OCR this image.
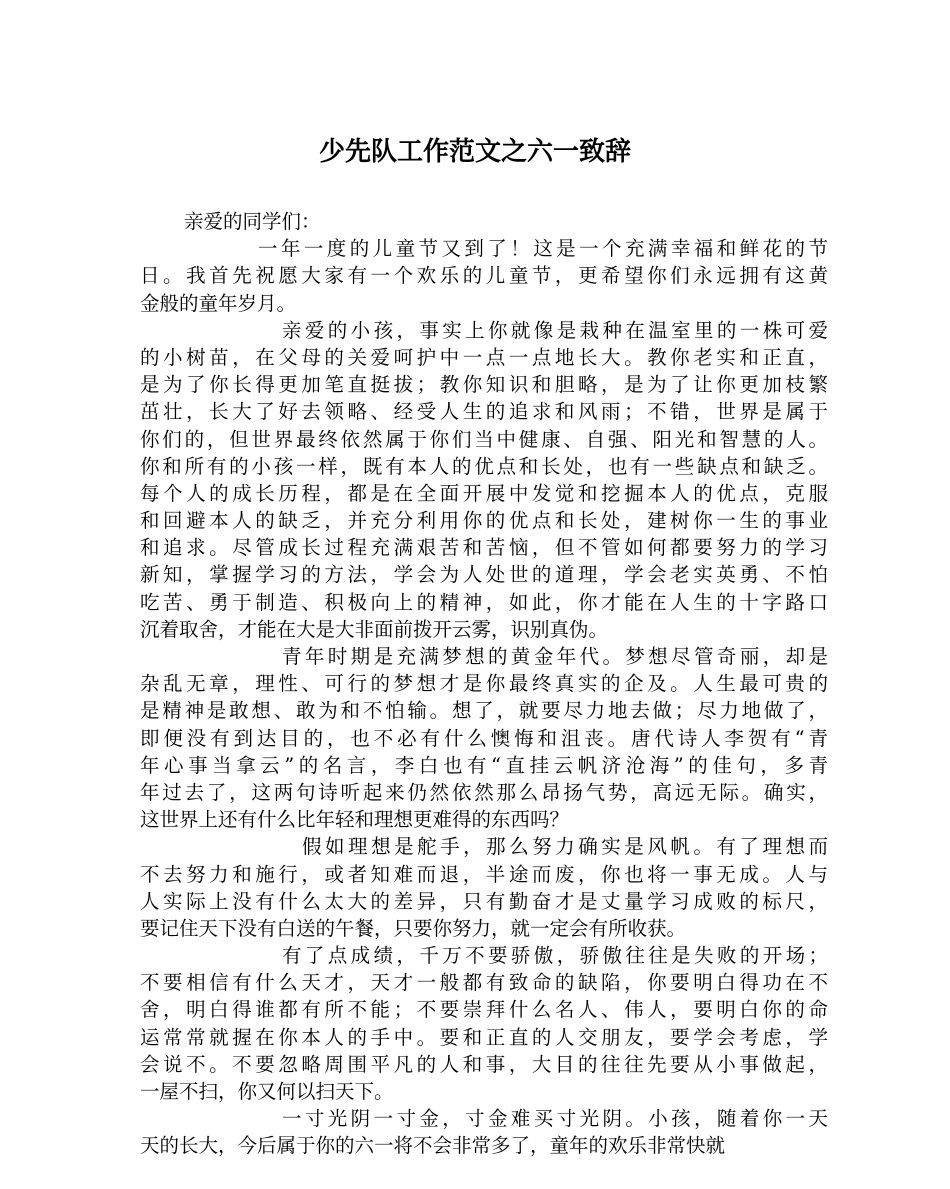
少先队工作范文之六一致辞
亲爱的同学们：
一年一度的儿童节又到了！这是一个充满幸福和鲜花的节
日。我首先祝愿大家有一个欢乐的儿童节，更希望你们永远拥有这黄
金般的童年岁月。
亲爱的小孩，事实上你就像是栽种在温室里的一株可爱
的小树苗，在父母的关爱呵护中一点一点地长大。教你老实和正直，
是为了你长得更加笔直挺拔；教你知识和胆略，是为了让你更加枝繁
茁壮，长大了好去领略、经受人生的追求和风雨；不错，世界是属于
你们的，但世界最终依然属于你们当中健康、自强、阳光和智慧的人。
你和所有的小孩一样，既有本人的优点和长处，也有一些缺点和缺乏。
每个人的成长历程，都是在全面开展中发觉和挖掘本人的优点，克服
和回避本人的缺乏，并充分利用你的优点和长处，建树你一生的事业
和追求。尽管成长过程充满艰苦和苦恼，但不管如何都要努力的学习
新知，掌握学习的方法，学会为人处世的道理，学会老实英勇、不怕
吃苦、勇于制造、积极向上的精神，如此，你才能在人生的十字路口
沉着取舍，才能在大是大非面前拨开云雾，识别真伪。
青年时期是充满梦想的黄金年代。梦想尽管奇丽，却是
杂乱无章，理性、可行的梦想才是你最终真实的企及。人生最可贵的
是精神是敢想、敢为和不怕输。想了，就要尽力地去做；尽力地做了，
即便没有到达目的，也不必有什么懊悔和沮丧。唐代诗人李贺有“青
年心事当拿云”的名言，李白也有“直挂云帆济沧海”的佳句，多青
年过去了，这两句诗听起来仍然依然那么昂扬气势，高远无际。确实，
这世界上还有什么比年轻和理想更难得的东西吗？
假如理想是舵手，那么努力确实是风帆。有了理想而
不去努力和施行，或者知难而退，半途而废，你也将一事无成。人与
人实际上没有什么太大的差异，只有勤奋才是丈量学习成败的标尺，
要记住天下没有白送的午餐，只要你努力，就一定会有所收获。
有了点成绩，千万不要骄傲，骄傲往往是失败的开场；
不要相信有什么天才，天才一般都有致命的缺陷，你要明白得功在不
舍，明白得谁都有所不能；不要崇拜什么名人、伟人，要明白你的命
运常常就握在你本人的手中。要和正直的人交朋友，要学会考虑，学
会说不。不要忽略周围平凡的人和事，大目的往往先要从小事做起，
一屋不扫，你又何以扫天下。
一寸光阴一寸金，寸金难买寸光阴。小孩，随着你一天
天的长大，今后属于你的六一将不会非常多了，童年的欢乐非常快就
